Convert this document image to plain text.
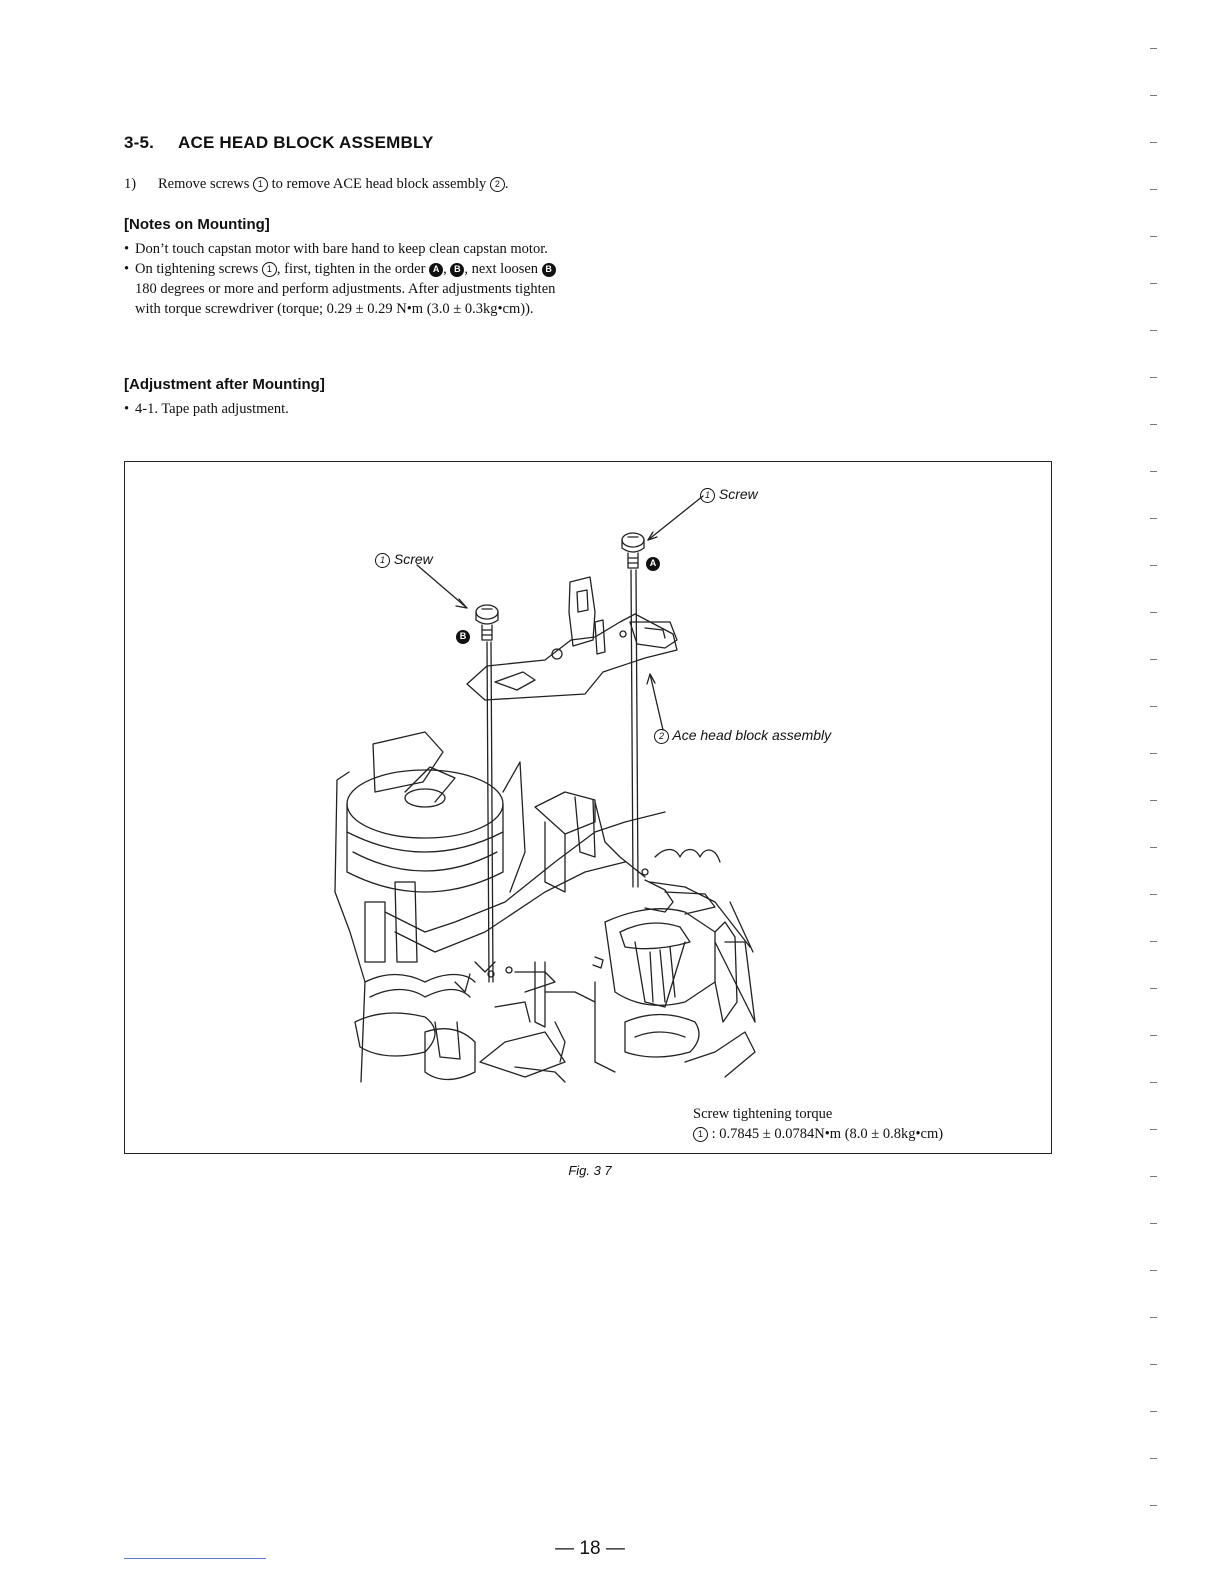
3-5. ACE HEAD BLOCK ASSEMBLY
1) Remove screws 1 to remove ACE head block assembly 2 .
[Notes on Mounting]
• Don’t touch capstan motor with bare hand to keep clean capstan motor.
• On tightening screws 1 , first, tighten in the order A , B , next loosen B 180 degrees or more and perform adjustments. After adjustments tighten with torque screwdriver (torque; 0.29 ± 0.29 N•m (3.0 ± 0.3kg•cm)).
[Adjustment after Mounting]
• 4-1. Tape path adjustment.
1 Screw
1 Screw
2 Ace head block assembly
A
B
Screw tightening torque
1 : 0.7845 ± 0.0784N•m (8.0 ± 0.8kg•cm)
Fig. 3 7
— 18 —
